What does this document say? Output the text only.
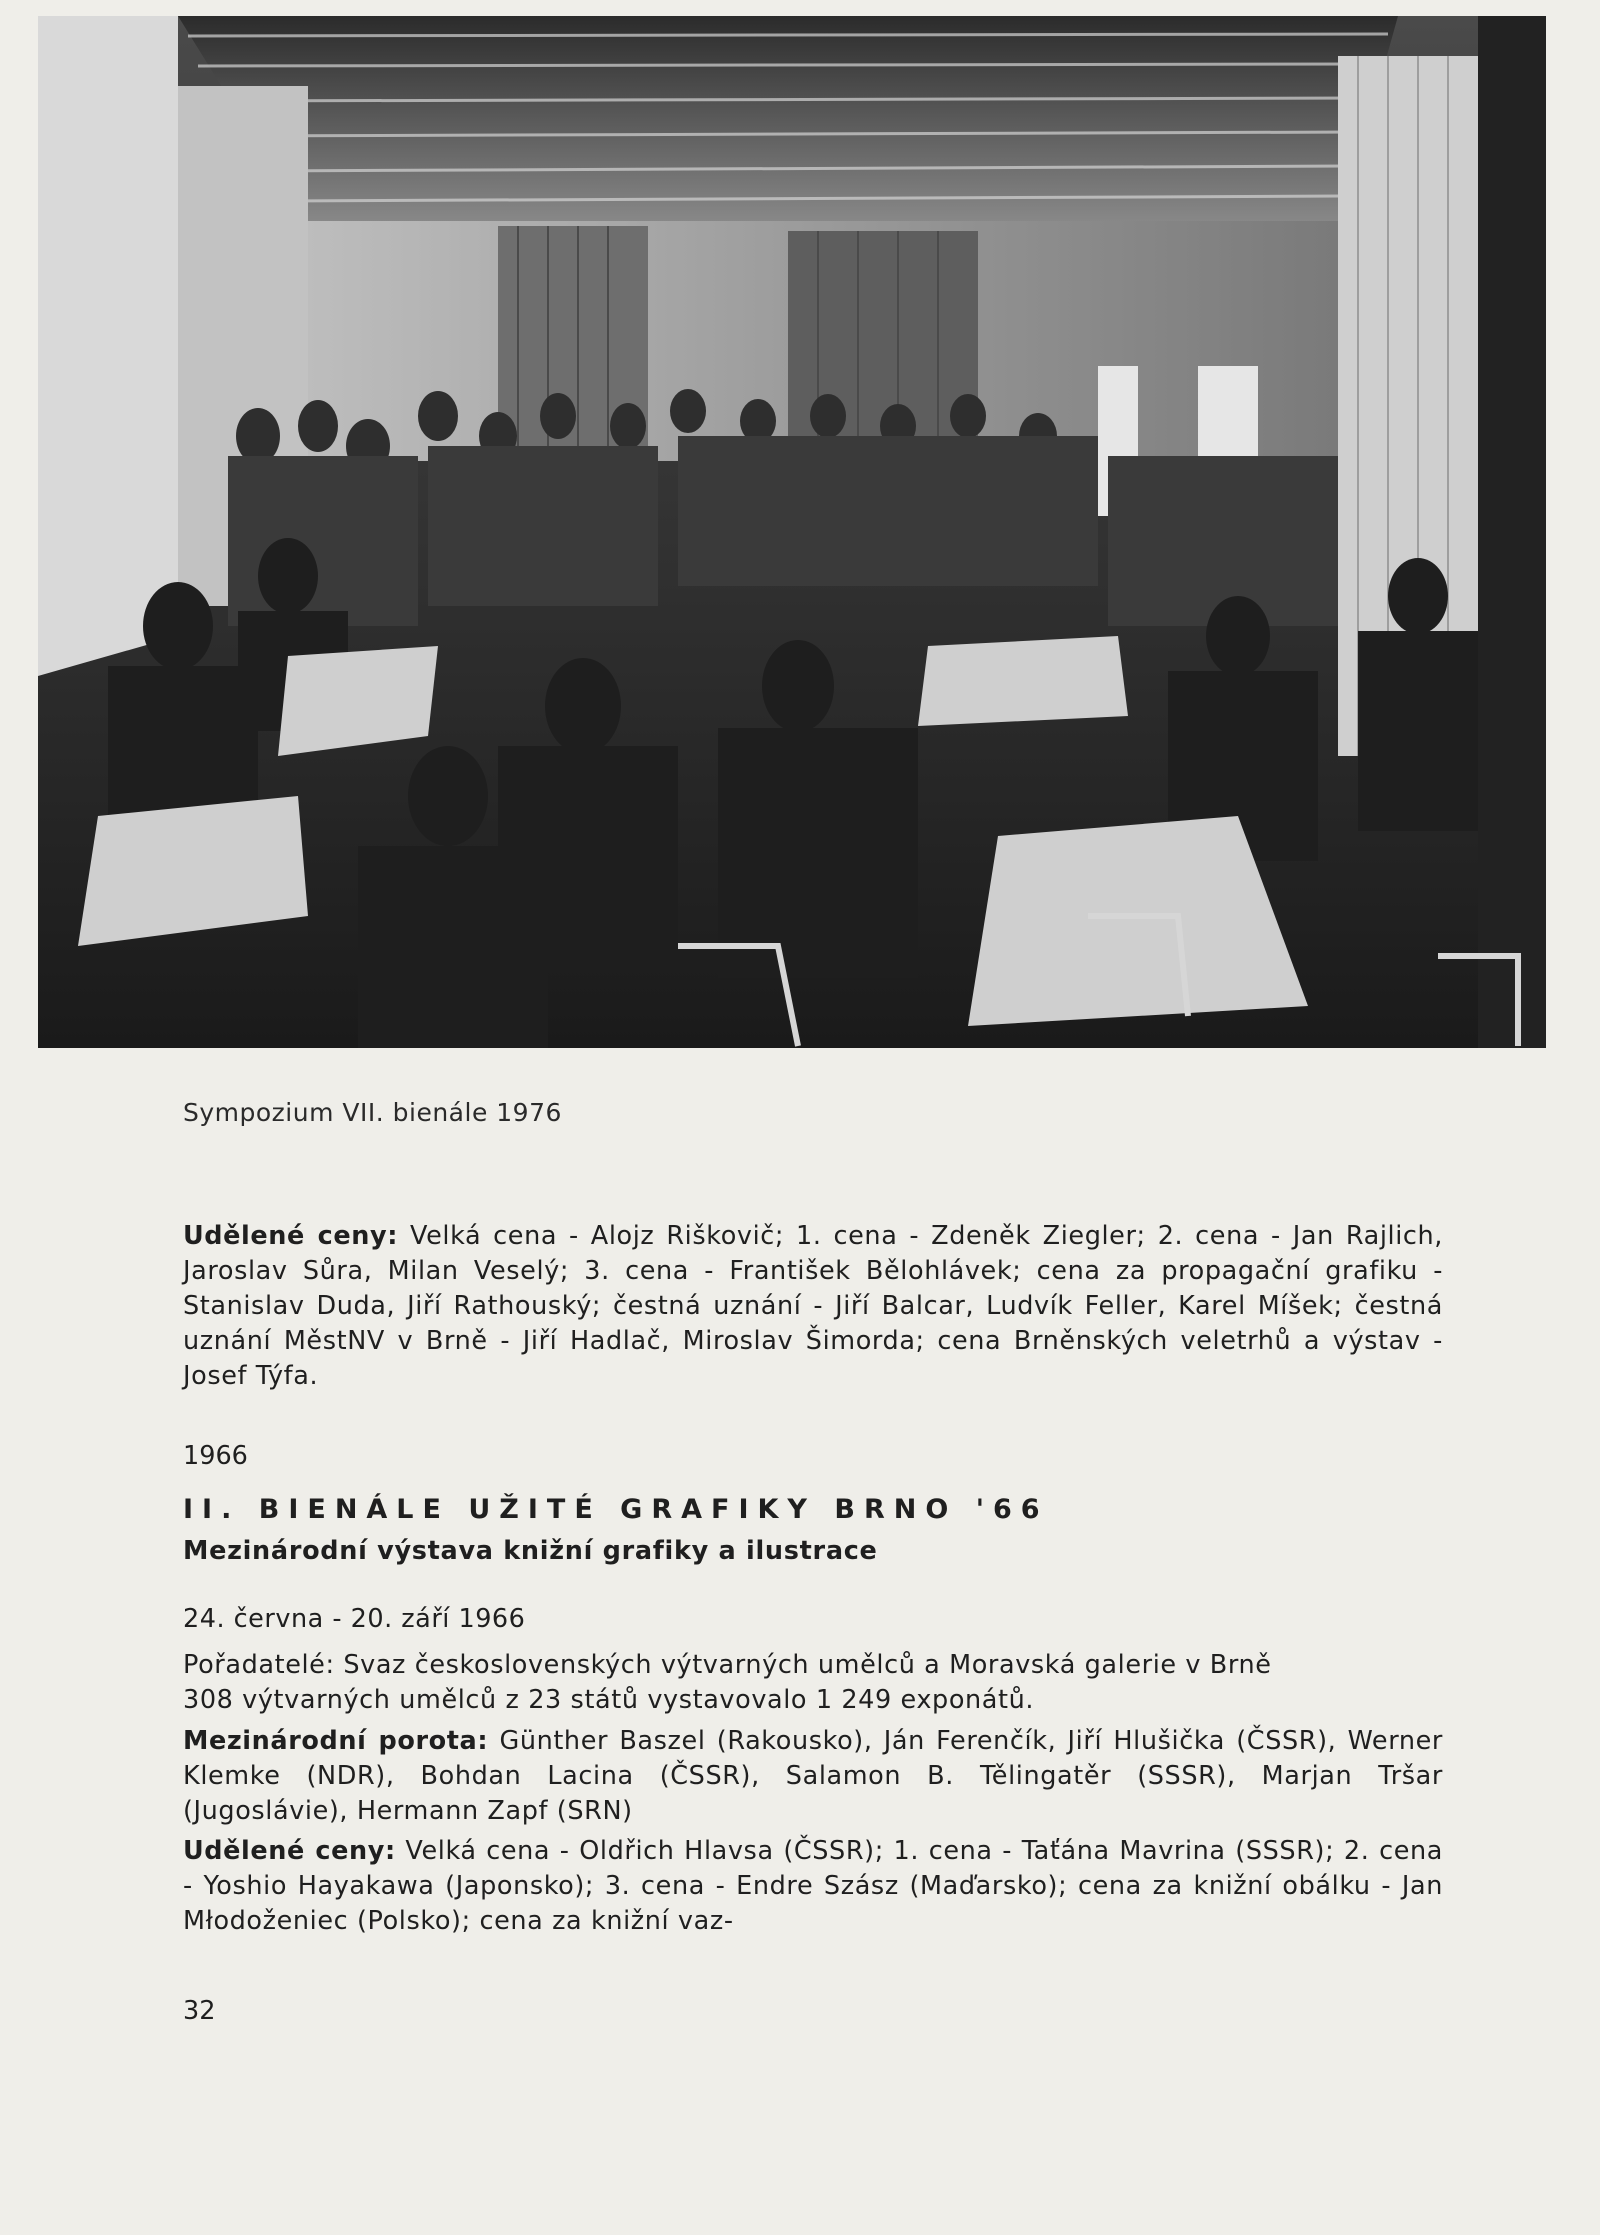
Sympozium VII. bienále 1976

Udělené ceny: Velká cena - Alojz Riškovič; 1. cena - Zdeněk Ziegler; 2. cena - Jan Rajlich, Jaroslav Sůra, Milan Veselý; 3. cena - František Bělohlávek; cena za propagační grafiku - Stanislav Duda, Jiří Rathouský; čestná uznání - Jiří Balcar, Ludvík Feller, Karel Míšek; čestná uznání MěstNV v Brně - Jiří Hadlač, Miroslav Šimorda; cena Brněnských veletrhů a výstav - Josef Týfa.

1966
II. BIENÁLE UŽITÉ GRAFIKY BRNO '66
Mezinárodní výstava knižní grafiky a ilustrace
24. června - 20. září 1966

Pořadatelé: Svaz československých výtvarných umělců a Moravská galerie v Brně
308 výtvarných umělců z 23 států vystavovalo 1 249 exponátů.

Mezinárodní porota: Günther Baszel (Rakousko), Ján Ferenčík, Jiří Hlušička (ČSSR), Werner Klemke (NDR), Bohdan Lacina (ČSSR), Salamon B. Tělingatěr (SSSR), Marjan Tršar (Jugoslávie), Hermann Zapf (SRN)

Udělené ceny: Velká cena - Oldřich Hlavsa (ČSSR); 1. cena - Taťána Mavrina (SSSR); 2. cena - Yoshio Hayakawa (Japonsko); 3. cena - Endre Szász (Maďarsko); cena za knižní obálku - Jan Młodoženiec (Polsko); cena za knižní vaz-

32
